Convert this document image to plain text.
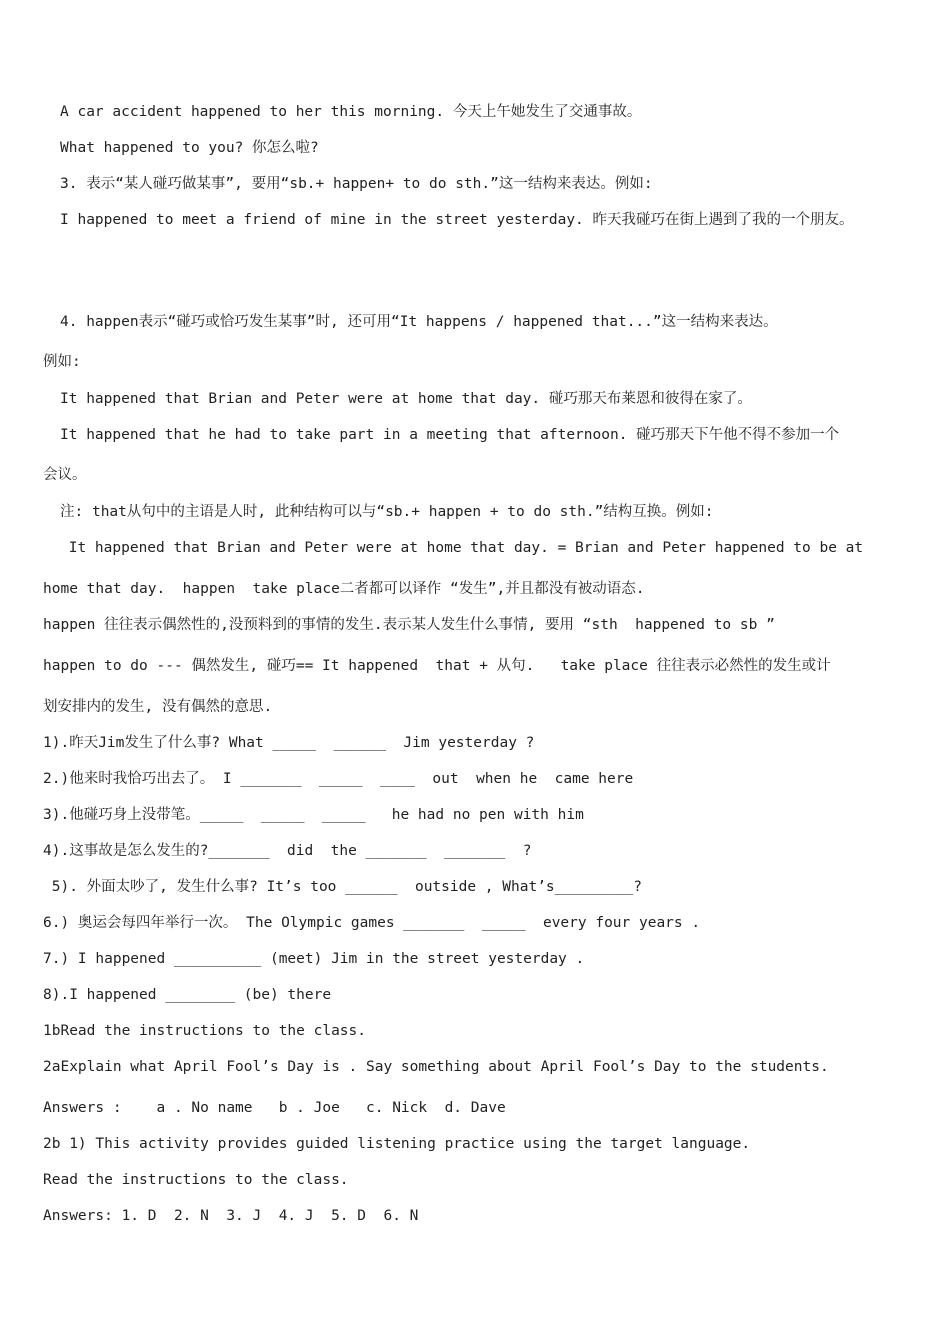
A car accident happened to her this morning. 今天上午她发生了交通事故。
What happened to you? 你怎么啦?
3. 表示“某人碰巧做某事”, 要用“sb.+ happen+ to do sth.”这一结构来表达。例如:
I happened to meet a friend of mine in the street yesterday. 昨天我碰巧在街上遇到了我的一个朋友。
4. happen表示“碰巧或恰巧发生某事”时, 还可用“It happens / happened that...”这一结构来表达。
例如:
It happened that Brian and Peter were at home that day. 碰巧那天布莱恩和彼得在家了。
It happened that he had to take part in a meeting that afternoon. 碰巧那天下午他不得不参加一个
会议。
注: that从句中的主语是人时, 此种结构可以与“sb.+ happen + to do sth.”结构互换。例如:
It happened that Brian and Peter were at home that day. = Brian and Peter happened to be at
home that day.  happen  take place二者都可以译作 “发生”,并且都没有被动语态.
happen 往往表示偶然性的,没预料到的事情的发生.表示某人发生什么事情, 要用 “sth  happened to sb ”
happen to do --- 偶然发生, 碰巧== It happened  that + 从句.   take place 往往表示必然性的发生或计
划安排内的发生, 没有偶然的意思.
1).昨天Jim发生了什么事? What _____  ______  Jim yesterday ?
2.)他来时我恰巧出去了。 I _______  _____  ____  out  when he  came here
3).他碰巧身上没带笔。_____  _____  _____   he had no pen with him
4).这事故是怎么发生的?_______  did  the _______  _______  ?
5). 外面太吵了, 发生什么事? It’s too ______  outside , What’s_________?
6.) 奥运会每四年举行一次。 The Olympic games _______  _____  every four years .
7.) I happened __________ (meet) Jim in the street yesterday .
8).I happened ________ (be) there
1bRead the instructions to the class.
2aExplain what April Fool’s Day is . Say something about April Fool’s Day to the students.
Answers :    a . No name   b . Joe   c. Nick  d. Dave
2b 1) This activity provides guided listening practice using the target language.
Read the instructions to the class.
Answers: 1. D  2. N  3. J  4. J  5. D  6. N
